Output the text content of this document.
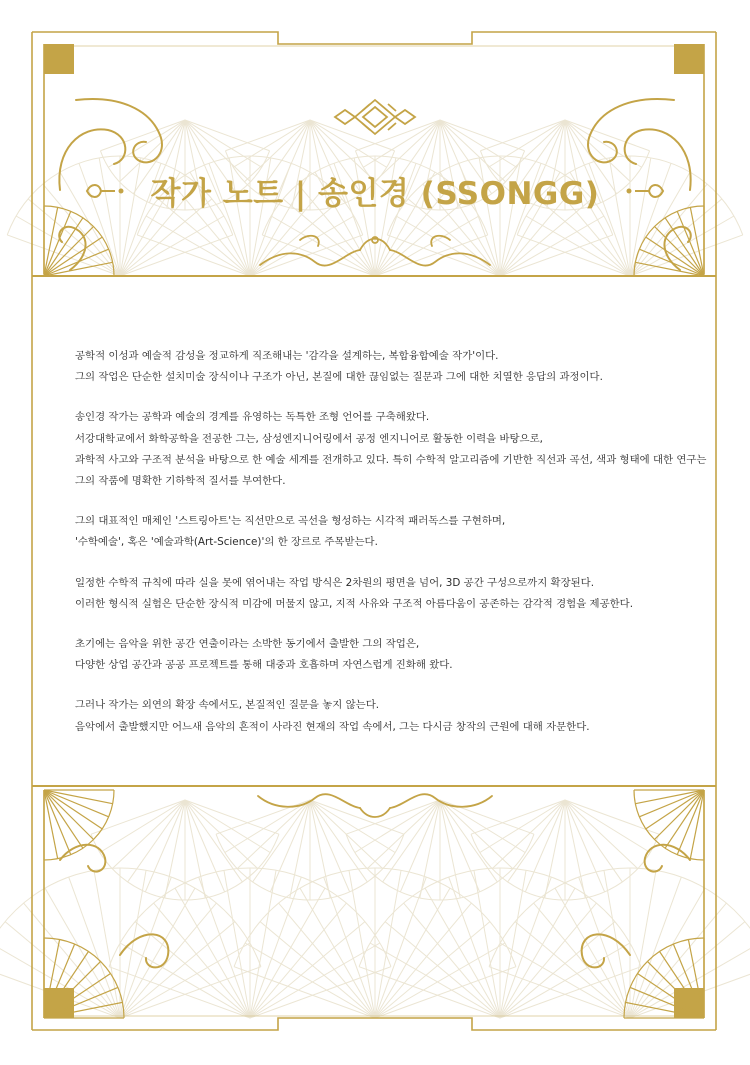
작가 노트 | 송인경 (SSONGG)

공학적 이성과 예술적 감성을 정교하게 직조해내는 '감각을 설계하는, 복합융합예술 작가'이다.
그의 작업은 단순한 설치미술 장식이나 구조가 아닌, 본질에 대한 끊임없는 질문과 그에 대한 치열한 응답의 과정이다.

송인경 작가는 공학과 예술의 경계를 유영하는 독특한 조형 언어를 구축해왔다.
서강대학교에서 화학공학을 전공한 그는, 삼성엔지니어링에서 공정 엔지니어로 활동한 이력을 바탕으로,
과학적 사고와 구조적 분석을 바탕으로 한 예술 세계를 전개하고 있다. 특히 수학적 알고리즘에 기반한 직선과 곡선, 색과 형태에 대한 연구는
그의 작품에 명확한 기하학적 질서를 부여한다.

그의 대표적인 매체인 '스트링아트'는 직선만으로 곡선을 형성하는 시각적 패러독스를 구현하며,
'수학예술', 혹은 '예술과학(Art-Science)'의 한 장르로 주목받는다.

일정한 수학적 규칙에 따라 실을 못에 엮어내는 작업 방식은 2차원의 평면을 넘어, 3D 공간 구성으로까지 확장된다.
이러한 형식적 실험은 단순한 장식적 미감에 머물지 않고, 지적 사유와 구조적 아름다움이 공존하는 감각적 경험을 제공한다.

초기에는 음악을 위한 공간 연출이라는 소박한 동기에서 출발한 그의 작업은,
다양한 상업 공간과 공공 프로젝트를 통해 대중과 호흡하며 자연스럽게 진화해 왔다.

그러나 작가는 외연의 확장 속에서도, 본질적인 질문을 놓지 않는다.
음악에서 출발했지만 어느새 음악의 흔적이 사라진 현재의 작업 속에서, 그는 다시금 창작의 근원에 대해 자문한다.
